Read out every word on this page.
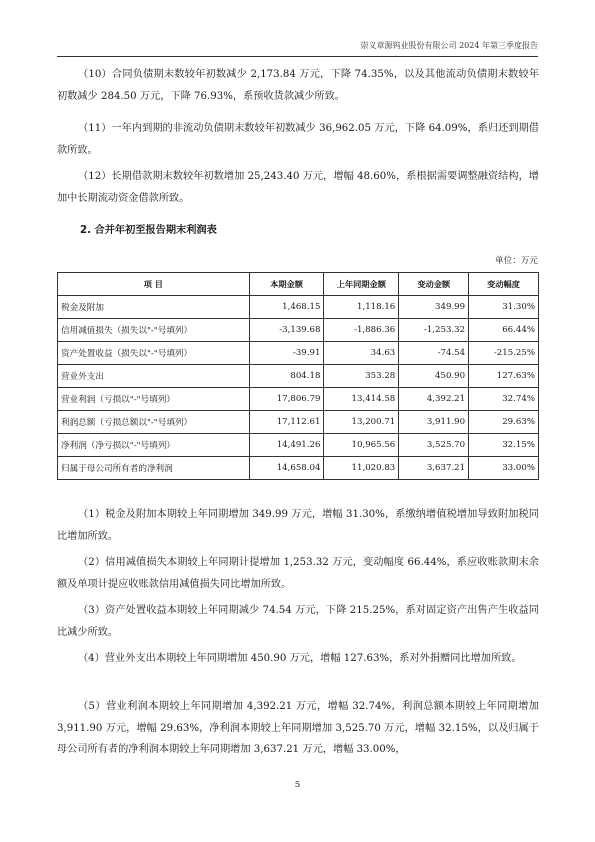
崇义章源钨业股份有限公司 2024 年第三季度报告

（10）合同负债期末数较年初数减少 2,173.84 万元，下降 74.35%，以及其他流动负债期末数较年初数减少 284.50 万元，下降 76.93%，系预收货款减少所致。

（11）一年内到期的非流动负债期末数较年初数减少 36,962.05 万元，下降 64.09%，系归还到期借款所致。

（12）长期借款期末数较年初数增加 25,243.40 万元，增幅 48.60%，系根据需要调整融资结构，增加中长期流动资金借款所致。

2. 合并年初至报告期末利润表

单位：万元
项 目	本期金额	上年同期金额	变动金额	变动幅度
税金及附加	1,468.15	1,118.16	349.99	31.30%
信用减值损失（损失以"-"号填列）	-3,139.68	-1,886.36	-1,253.32	66.44%
资产处置收益（损失以"-"号填列）	-39.91	34.63	-74.54	-215.25%
营业外支出	804.18	353.28	450.90	127.63%
营业利润（亏损以"-"号填列）	17,806.79	13,414.58	4,392.21	32.74%
利润总额（亏损总额以"-"号填列）	17,112.61	13,200.71	3,911.90	29.63%
净利润（净亏损以"-"号填列）	14,491.26	10,965.56	3,525.70	32.15%
归属于母公司所有者的净利润	14,658.04	11,020.83	3,637.21	33.00%

（1）税金及附加本期较上年同期增加 349.99 万元，增幅 31.30%，系缴纳增值税增加导致附加税同比增加所致。

（2）信用减值损失本期较上年同期计提增加 1,253.32 万元，变动幅度 66.44%，系应收账款期末余额及单项计提应收账款信用减值损失同比增加所致。

（3）资产处置收益本期较上年同期减少 74.54 万元，下降 215.25%，系对固定资产出售产生收益同比减少所致。

（4）营业外支出本期较上年同期增加 450.90 万元，增幅 127.63%，系对外捐赠同比增加所致。

（5）营业利润本期较上年同期增加 4,392.21 万元，增幅 32.74%，利润总额本期较上年同期增加 3,911.90 万元，增幅 29.63%，净利润本期较上年同期增加 3,525.70 万元，增幅 32.15%，以及归属于母公司所有者的净利润本期较上年同期增加 3,637.21 万元，增幅 33.00%，

5
